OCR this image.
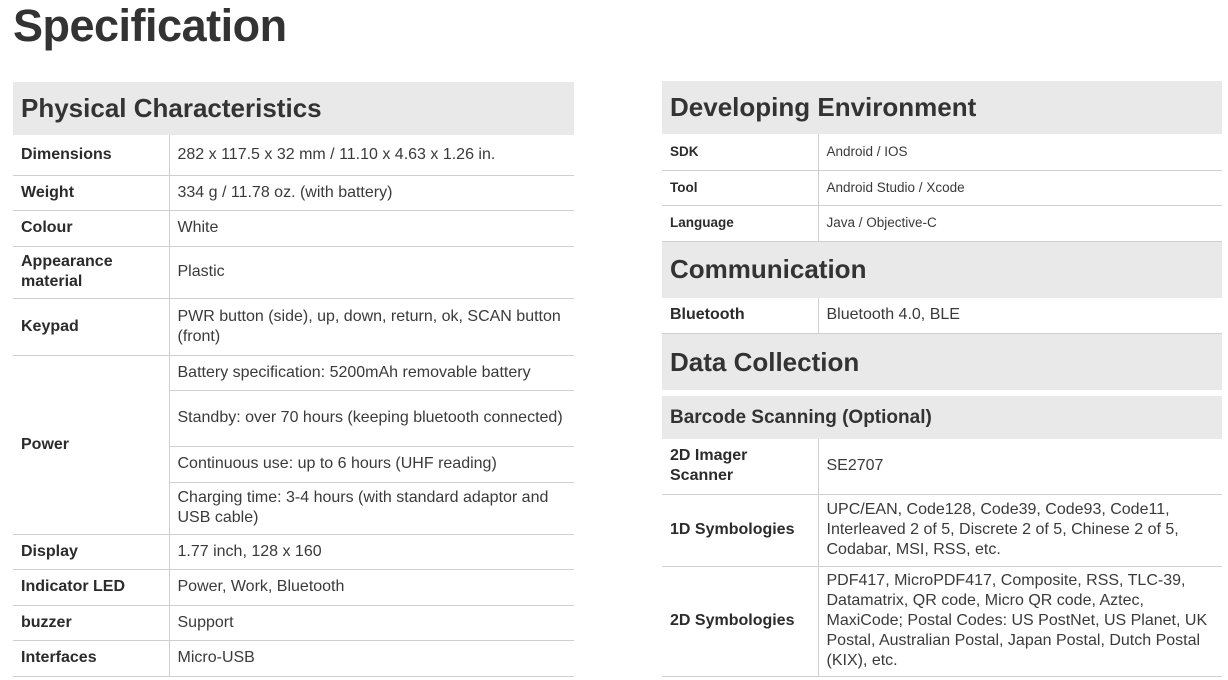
Specification
Physical Characteristics
Dimensions	282 x 117.5 x 32 mm / 11.10 x 4.63 x 1.26 in.
Weight	334 g / 11.78 oz. (with battery)
Colour	White
Appearance material	Plastic
Keypad	PWR button (side), up, down, return, ok, SCAN button (front)
Power	Battery specification: 5200mAh removable battery
	Standby: over 70 hours (keeping bluetooth connected)
	Continuous use: up to 6 hours (UHF reading)
	Charging time: 3-4 hours (with standard adaptor and USB cable)
Display	1.77 inch, 128 x 160
Indicator LED	Power, Work, Bluetooth
buzzer	Support
Interfaces	Micro-USB
Developing Environment
SDK	Android / IOS
Tool	Android Studio / Xcode
Language	Java / Objective-C
Communication
Bluetooth	Bluetooth 4.0, BLE
Data Collection
Barcode Scanning (Optional)
2D Imager Scanner	SE2707
1D Symbologies	UPC/EAN, Code128, Code39, Code93, Code11, Interleaved 2 of 5, Discrete 2 of 5, Chinese 2 of 5, Codabar, MSI, RSS, etc.
2D Symbologies	PDF417, MicroPDF417, Composite, RSS, TLC-39, Datamatrix, QR code, Micro QR code, Aztec, MaxiCode; Postal Codes: US PostNet, US Planet, UK Postal, Australian Postal, Japan Postal, Dutch Postal (KIX), etc.
